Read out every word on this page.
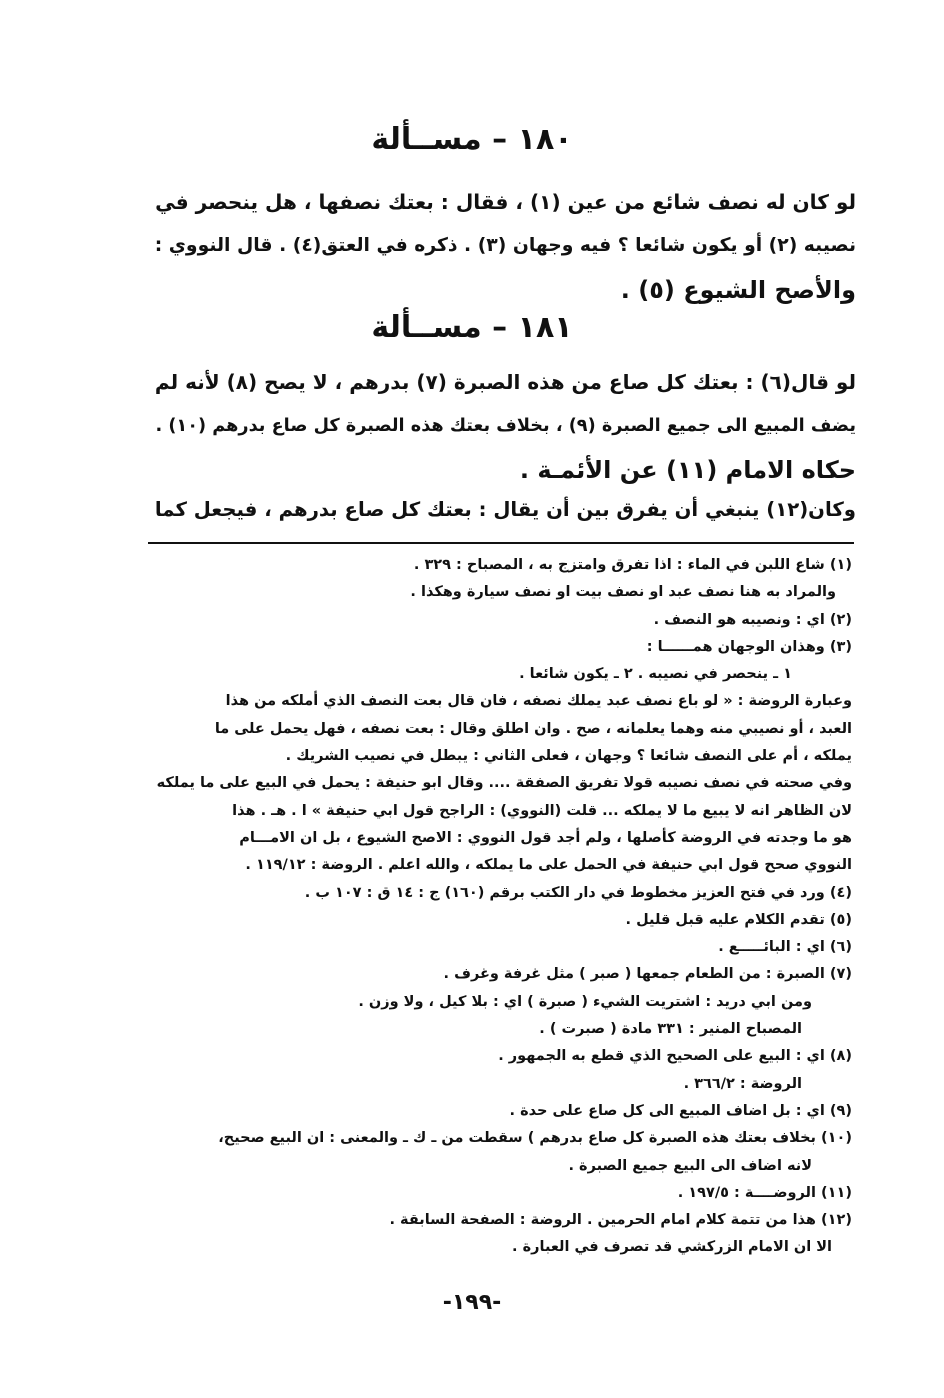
١٨٠ – مســألة
لو كان له نصف شائع من عين (١) ، فقال : بعتك نصفها ، هل ينحصر في
نصيبه (٢) أو يكون شائعا ؟ فيه وجهان (٣) . ذكره في العتق(٤) . قال النووي :
والأصح الشيوع (٥) .
١٨١ – مســألة
لو قال(٦) : بعتك كل صاع من هذه الصبرة (٧) بدرهم ، لا يصح (٨) لأنه لم
يضف المبيع الى جميع الصبرة (٩) ، بخلاف بعتك هذه الصبرة كل صاع بدرهم (١٠) .
حكاه الامام (١١) عن الأئمـة .
وكان(١٢) ينبغي أن يفرق بين أن يقال : بعتك كل صاع بدرهم ، فيجعل كما
(١) شاع اللبن في الماء : اذا تفرق وامتزج به ، المصباح : ٣٢٩ .
والمراد به هنا نصف عبد او نصف بيت او نصف سيارة وهكذا .
(٢) اي : ونصيبه هو النصف .
(٣) وهذان الوجهان همــــــا :
١ ـ ينحصر في نصيبه . ٢ ـ يكون شائعا .
وعبارة الروضة : « لو باع نصف عبد يملك نصفه ، فان قال بعت النصف الذي أملكه من هذا
العبد ، أو نصيبي منه وهما يعلمانه ، صح . وان اطلق وقال : بعت نصفه ، فهل يحمل على ما
يملكه ، أم على النصف شائعا ؟ وجهان ، فعلى الثاني : يبطل في نصيب الشريك .
وفي صحته في نصف نصيبه قولا تفريق الصفقة .... وقال ابو حنيفة : يحمل في البيع على ما يملكه
لان الظاهر انه لا يبيع ما لا يملكه ... قلت (النووي) : الراجح قول ابي حنيفة » ا . هـ . هذا
هو ما وجدته في الروضة كأصلها ، ولم أجد قول النووي : الاصح الشيوع ، بل ان الامـــام
النووي صحح قول ابي حنيفة في الحمل على ما يملكه ، والله اعلم . الروضة : ١١٩/١٢ .
(٤) ورد في فتح العزيز مخطوط في دار الكتب برقم (١٦٠) ج : ١٤ ق : ١٠٧ ب .
(٥) تقدم الكلام عليه قبل قليل .
(٦) اي : البائـــــع .
(٧) الصبرة : من الطعام جمعها ( صبر ) مثل غرفة وغرف .
ومن ابي دريد : اشتريت الشيء ( صبرة ) اي : بلا كيل ، ولا وزن .
المصباح المنير : ٣٣١ مادة ( صبرت ) .
(٨) اي : البيع على الصحيح الذي قطع به الجمهور .
الروضة : ٣٦٦/٢ .
(٩) اي : بل اضاف المبيع الى كل صاع على حدة .
(١٠) بخلاف بعتك هذه الصبرة كل صاع بدرهم ) سقطت من ـ ك ـ والمعنى : ان البيع صحيح،
لانه اضاف الى البيع جميع الصبرة .
(١١) الروضــــة : ١٩٧/٥ .
(١٢) هذا من تتمة كلام امام الحرمين . الروضة : الصفحة السابقة .
الا ان الامام الزركشي قد تصرف في العبارة .
-١٩٩-
